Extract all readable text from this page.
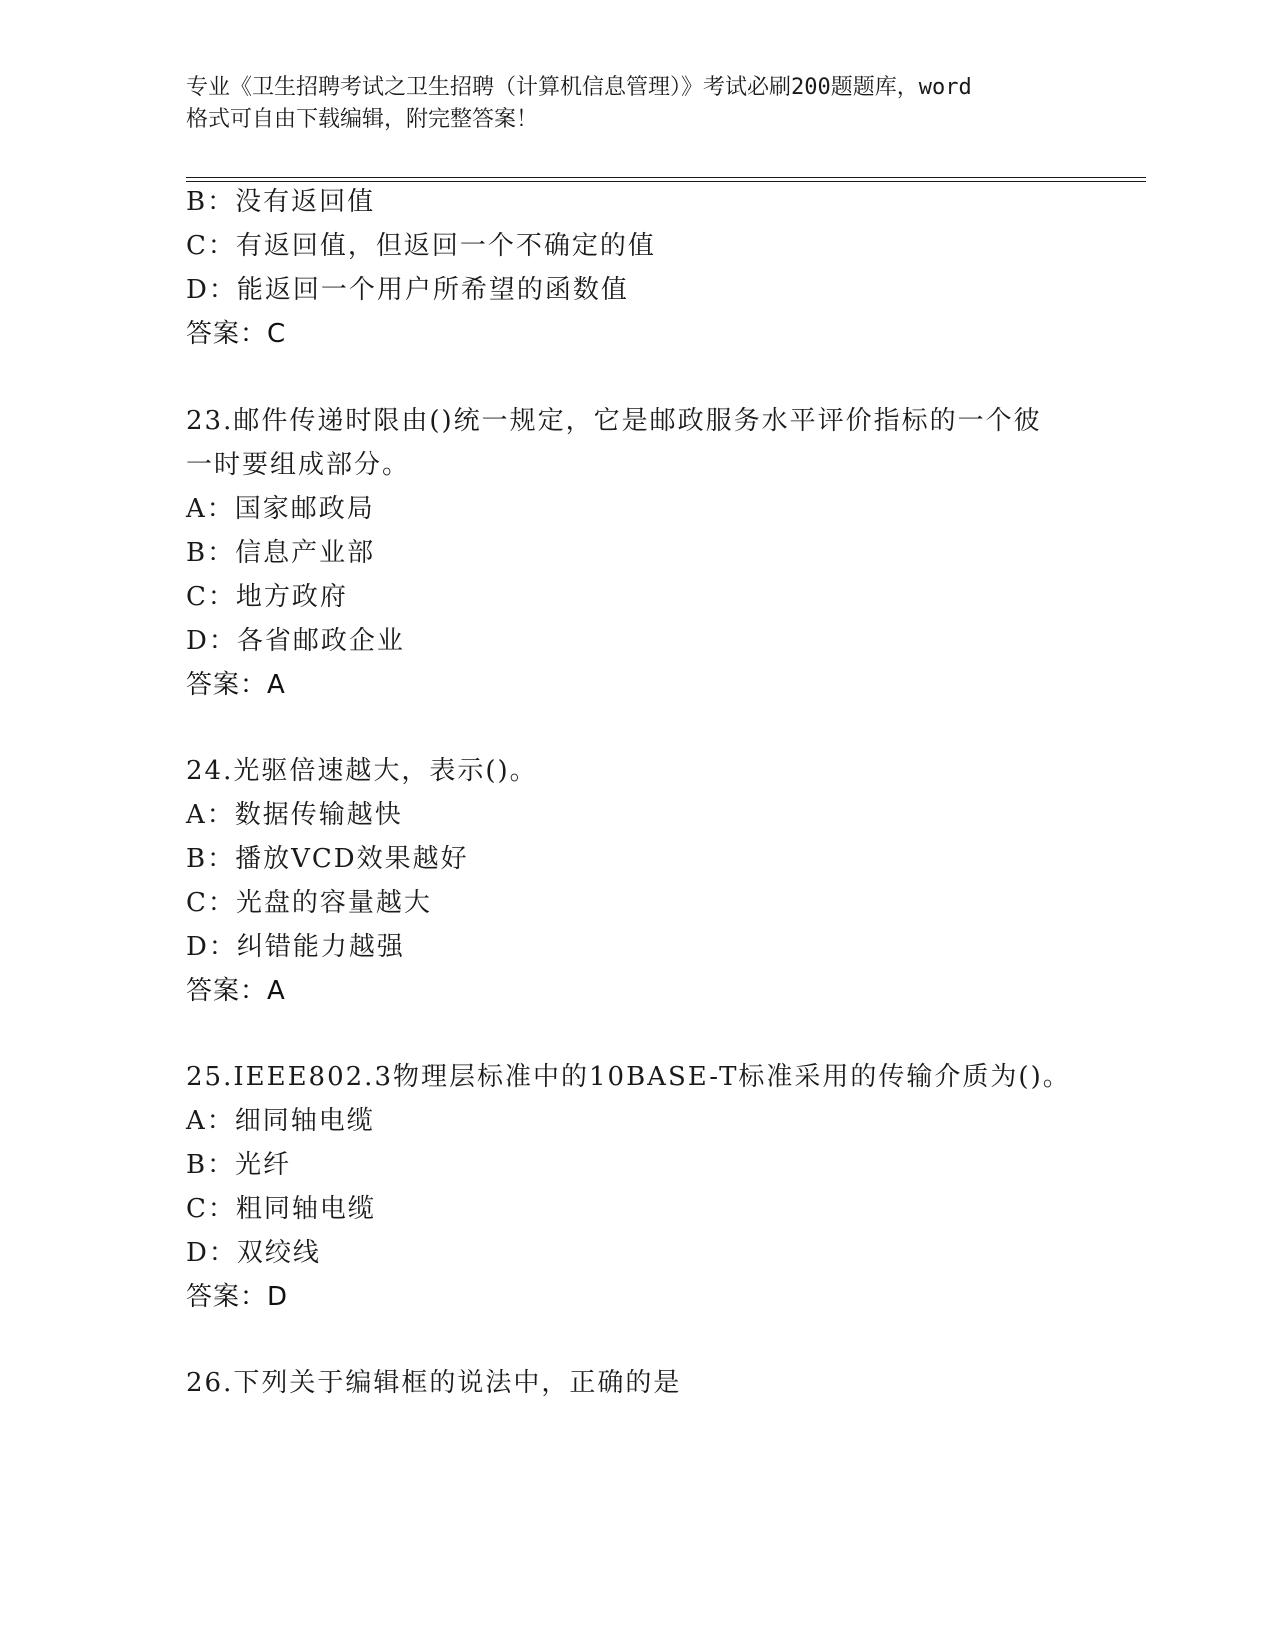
专业《卫生招聘考试之卫生招聘（计算机信息管理）》考试必刷200题题库，word
格式可自由下载编辑，附完整答案！
B：没有返回值
C：有返回值，但返回一个不确定的值
D：能返回一个用户所希望的函数值
答案：C
23.邮件传递时限由()统一规定，它是邮政服务水平评价指标的一个彼
一时要组成部分。
A：国家邮政局
B：信息产业部
C：地方政府
D：各省邮政企业
答案：A
24.光驱倍速越大，表示()。
A：数据传输越快
B：播放VCD效果越好
C：光盘的容量越大
D：纠错能力越强
答案：A
25.IEEE802.3物理层标准中的10BASE-T标准采用的传输介质为()。
A：细同轴电缆
B：光纤
C：粗同轴电缆
D：双绞线
答案：D
26.下列关于编辑框的说法中，正确的是
